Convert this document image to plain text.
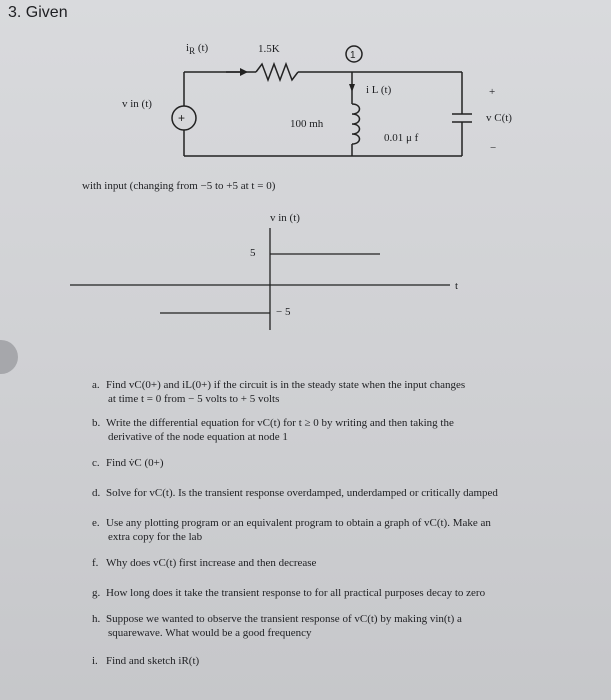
3. Given
+
1
$i_R$ (t)	1.5K
i L (t)
v in (t)
100 mh
0.01 μ f
v C(t)
+
−
with input (changing from −5 to +5 at t = 0)
v in (t)
5
− 5
t
a. Find vC(0+) and iL(0+) if the circuit is in the steady state when the input changes
at time t = 0 from − 5 volts to + 5 volts
b. Write the differential equation for vC(t) for t ≥ 0 by writing and then taking the
derivative of the node equation at node 1
c. Find v̇C (0+)
d. Solve for vC(t). Is the transient response overdamped, underdamped or critically damped
e. Use any plotting program or an equivalent program to obtain a graph of vC(t). Make an
extra copy for the lab
f. Why does vC(t) first increase and then decrease
g. How long does it take the transient response to for all practical purposes decay to zero
h. Suppose we wanted to observe the transient response of vC(t) by making vin(t) a
squarewave. What would be a good frequency
i. Find and sketch iR(t)
